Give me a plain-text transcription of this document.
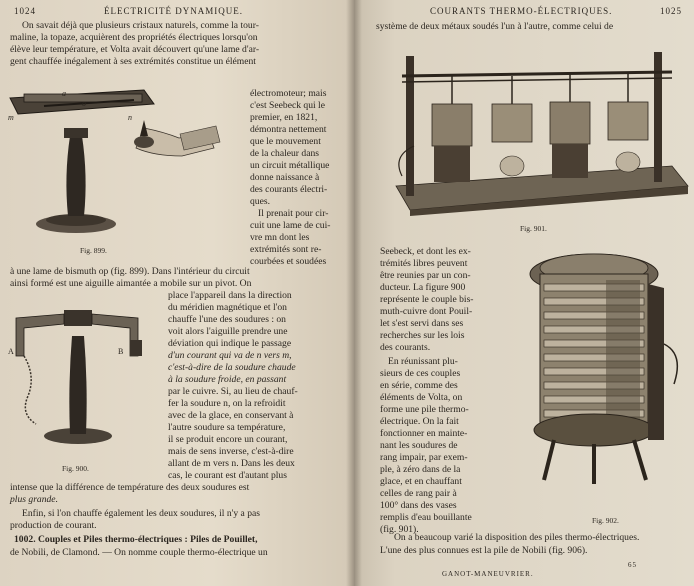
1024	ÉLECTRICITÉ DYNAMIQUE.
On savait déjà que plusieurs cristaux naturels, comme la tour-
maline, la topaze, acquièrent des propriétés électriques lorsqu'on
élève leur température, et Volta avait découvert qu'une lame d'ar-
gent chauffée inégalement à ses extrémités constitue un élément
m
o
n
a
Fig. 899.
électromoteur; mais
c'est Seebeck qui le
premier, en 1821,
démontra nettement
que le mouvement
de la chaleur dans
un circuit métallique
donne naissance à
des courants électri-
ques.
Il prenait pour cir-
cuit une lame de cui-
vre mn dont les
extrémités sont re-
courbées et soudées
à une lame de bismuth op (fig. 899). Dans l'intérieur du circuit
ainsi formé est une aiguille aimantée a mobile sur un pivot. On
A	B
Fig. 900.
place l'appareil dans la direction
du méridien magnétique et l'on
chauffe l'une des soudures : on
voit alors l'aiguille prendre une
déviation qui indique le passage
d'un courant qui va de n vers m,
c'est-à-dire de la soudure chaude
à la soudure froide, en passant
par le cuivre. Si, au lieu de chauf-
fer la soudure n, on la refroidit
avec de la glace, en conservant à
l'autre soudure sa température,
il se produit encore un courant,
mais de sens inverse, c'est-à-dire
allant de m vers n. Dans les deux
cas, le courant est d'autant plus
intense que la différence de température des deux soudures est
plus grande.
Enfin, si l'on chauffe également les deux soudures, il n'y a pas
production de courant.
1002. Couples et Piles thermo-électriques : Piles de Pouillet,
de Nobili, de Clamond. — On nomme couple thermo-électrique un
COURANTS THERMO-ÉLECTRIQUES.	1025
système de deux métaux soudés l'un à l'autre, comme celui de
Fig. 901.
Seebeck, et dont les ex-
trémités libres peuvent
être reunies par un con-
ducteur. La figure 900
représente le couple bis-
muth-cuivre dont Pouil-
let s'est servi dans ses
recherches sur les lois
des courants.
En réunissant plu-
sieurs de ces couples
en série, comme des
éléments de Volta, on
forme une pile thermo-
électrique. On la fait
fonctionner en mainte-
nant les soudures de
rang impair, par exem-
ple, à zéro dans de la
glace, et en chauffant
celles de rang pair à
100° dans des vases
remplis d'eau bouillante
(fig. 901).
Fig. 902.
On a beaucoup varié la disposition des piles thermo-électriques.
L'une des plus connues est la pile de Nobili (fig. 906).
GANOT-MANEUVRIER.
65
